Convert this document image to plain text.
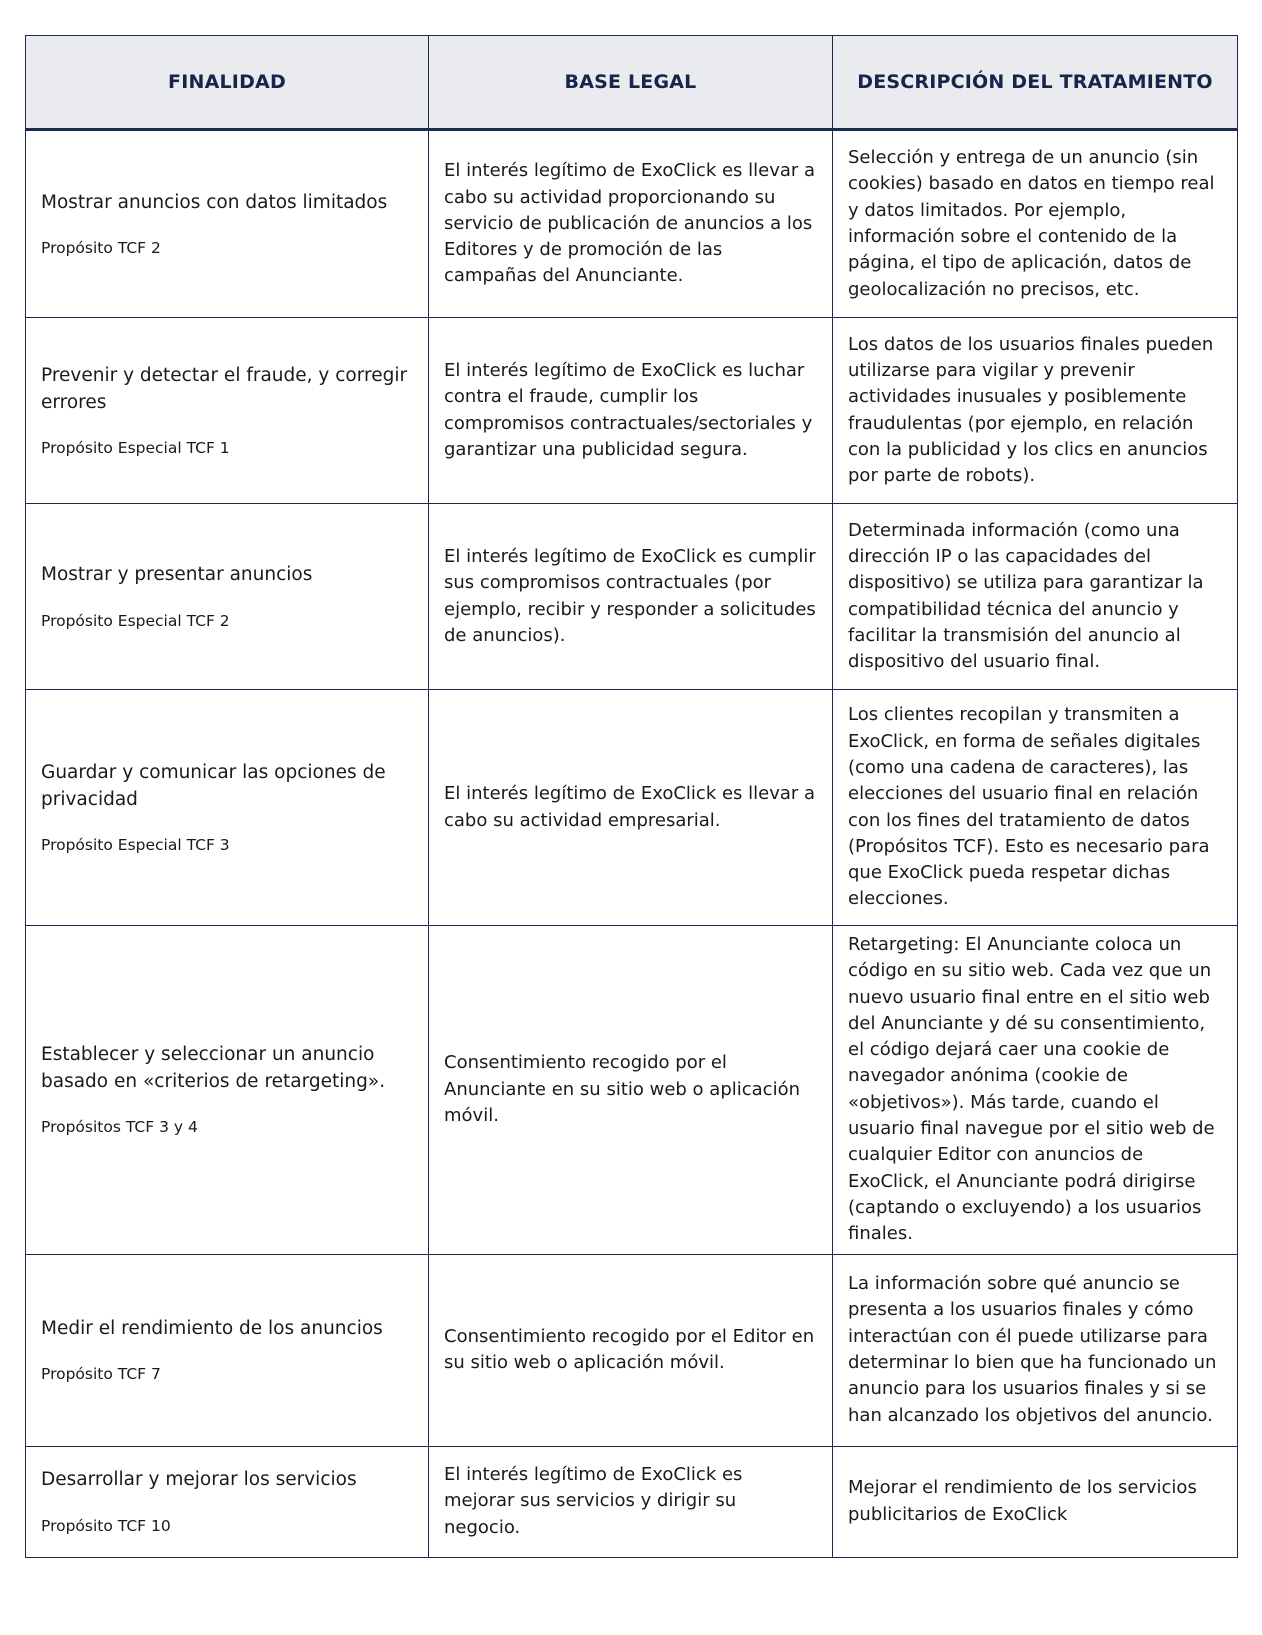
FINALIDAD	BASE LEGAL	DESCRIPCIÓN DEL TRATAMIENTO

Mostrar anuncios con datos limitados
Propósito TCF 2	El interés legítimo de ExoClick es llevar a cabo su actividad proporcionando su servicio de publicación de anuncios a los Editores y de promoción de las campañas del Anunciante.	Selección y entrega de un anuncio (sin cookies) basado en datos en tiempo real y datos limitados. Por ejemplo, información sobre el contenido de la página, el tipo de aplicación, datos de geolocalización no precisos, etc.

Prevenir y detectar el fraude, y corregir errores
Propósito Especial TCF 1	El interés legítimo de ExoClick es luchar contra el fraude, cumplir los compromisos contractuales/sectoriales y garantizar una publicidad segura.	Los datos de los usuarios finales pueden utilizarse para vigilar y prevenir actividades inusuales y posiblemente fraudulentas (por ejemplo, en relación con la publicidad y los clics en anuncios por parte de robots).

Mostrar y presentar anuncios
Propósito Especial TCF 2	El interés legítimo de ExoClick es cumplir sus compromisos contractuales (por ejemplo, recibir y responder a solicitudes de anuncios).	Determinada información (como una dirección IP o las capacidades del dispositivo) se utiliza para garantizar la compatibilidad técnica del anuncio y facilitar la transmisión del anuncio al dispositivo del usuario final.

Guardar y comunicar las opciones de privacidad
Propósito Especial TCF 3	El interés legítimo de ExoClick es llevar a cabo su actividad empresarial.	Los clientes recopilan y transmiten a ExoClick, en forma de señales digitales (como una cadena de caracteres), las elecciones del usuario final en relación con los fines del tratamiento de datos (Propósitos TCF). Esto es necesario para que ExoClick pueda respetar dichas elecciones.

Establecer y seleccionar un anuncio basado en «criterios de retargeting».
Propósitos TCF 3 y 4	Consentimiento recogido por el Anunciante en su sitio web o aplicación móvil.	Retargeting: El Anunciante coloca un código en su sitio web. Cada vez que un nuevo usuario final entre en el sitio web del Anunciante y dé su consentimiento, el código dejará caer una cookie de navegador anónima (cookie de «objetivos»). Más tarde, cuando el usuario final navegue por el sitio web de cualquier Editor con anuncios de ExoClick, el Anunciante podrá dirigirse (captando o excluyendo) a los usuarios finales.

Medir el rendimiento de los anuncios
Propósito TCF 7	Consentimiento recogido por el Editor en su sitio web o aplicación móvil.	La información sobre qué anuncio se presenta a los usuarios finales y cómo interactúan con él puede utilizarse para determinar lo bien que ha funcionado un anuncio para los usuarios finales y si se han alcanzado los objetivos del anuncio.

Desarrollar y mejorar los servicios
Propósito TCF 10	El interés legítimo de ExoClick es mejorar sus servicios y dirigir su negocio.	Mejorar el rendimiento de los servicios publicitarios de ExoClick
